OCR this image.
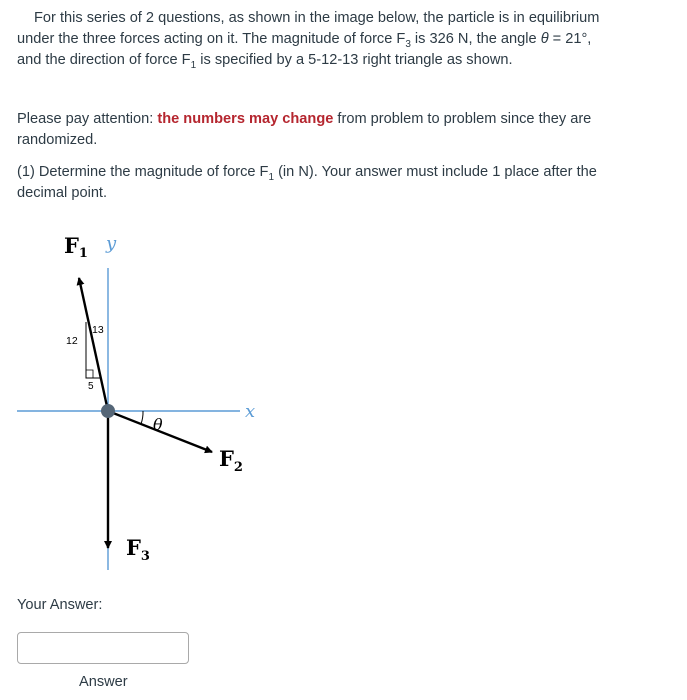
For this series of 2 questions, as shown in the image below, the particle is in equilibrium under the three forces acting on it. The magnitude of force $F_3$ is 326 N, the angle θ = 21°, and the direction of force $F_1$ is specified by a 5-12-13 right triangle as shown.
Please pay attention: the numbers may change from problem to problem since they are randomized.
(1) Determine the magnitude of force $F_1$ (in N). Your answer must include 1 place after the decimal point.
F1 y
x
12
13
5
θ
$F_2$
$F_3$
Your Answer:
Answer
